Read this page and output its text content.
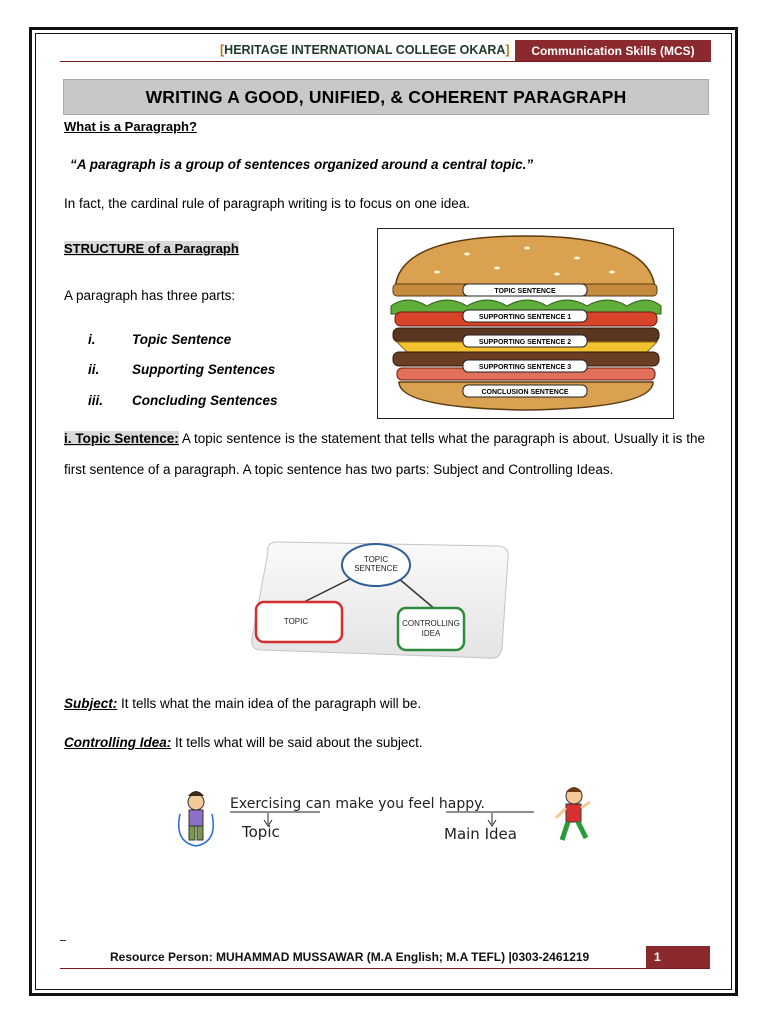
[HERITAGE INTERNATIONAL COLLEGE OKARA] Communication Skills (MCS)
WRITING A GOOD, UNIFIED, & COHERENT PARAGRAPH
What is a Paragraph?
“A paragraph is a group of sentences organized around a central topic.”
In fact, the cardinal rule of paragraph writing is to focus on one idea.
STRUCTURE of a Paragraph
A paragraph has three parts:
i.	Topic Sentence
ii. Supporting Sentences
iii. Concluding Sentences
TOPIC SENTENCE
SUPPORTING SENTENCE 1
SUPPORTING SENTENCE 2
SUPPORTING SENTENCE 3
CONCLUSION SENTENCE
i. Topic Sentence: A topic sentence is the statement that tells what the paragraph is about. Usually it is the first sentence of a paragraph. A topic sentence has two parts: Subject and Controlling Ideas.
TOPIC SENTENCE
TOPIC	CONTROLLING IDEA
Subject: It tells what the main idea of the paragraph will be.
Controlling Idea: It tells what will be said about the subject.
Exercising can make you feel happy.
Topic	Main Idea
Resource Person: MUHAMMAD MUSSAWAR (M.A English; M.A TEFL) |0303-2461219	1
